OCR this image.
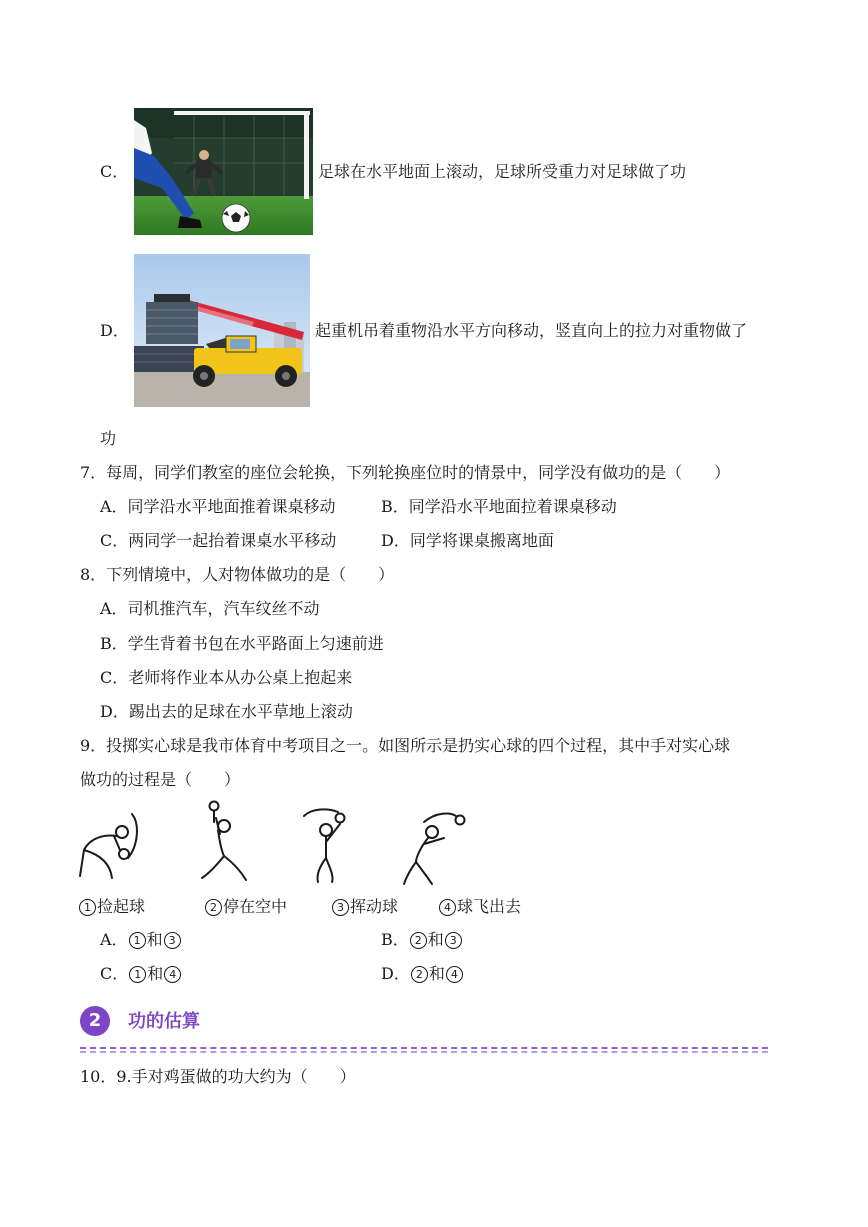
C．	足球在水平地面上滚动，足球所受重力对足球做了功
D．	起重机吊着重物沿水平方向移动，竖直向上的拉力对重物做了
功
7．每周，同学们教室的座位会轮换，下列轮换座位时的情景中，同学没有做功的是（　　）
A．同学沿水平地面推着课桌移动	B．同学沿水平地面拉着课桌移动
C．两同学一起抬着课桌水平移动	D．同学将课桌搬离地面
8．下列情境中，人对物体做功的是（　　）
A．司机推汽车，汽车纹丝不动
B．学生背着书包在水平路面上匀速前进
C．老师将作业本从办公桌上抱起来
D．踢出去的足球在水平草地上滚动
9．投掷实心球是我市体育中考项目之一。如图所示是扔实心球的四个过程，其中手对实心球
做功的过程是（　　）
1 捡起球	2 停在空中	3 挥动球	4 球飞出去
A． 1 和 3	B． 2 和 3
C． 1 和 4	D． 2 和 4
2	功的估算
10．9.手对鸡蛋做的功大约为（　　）
